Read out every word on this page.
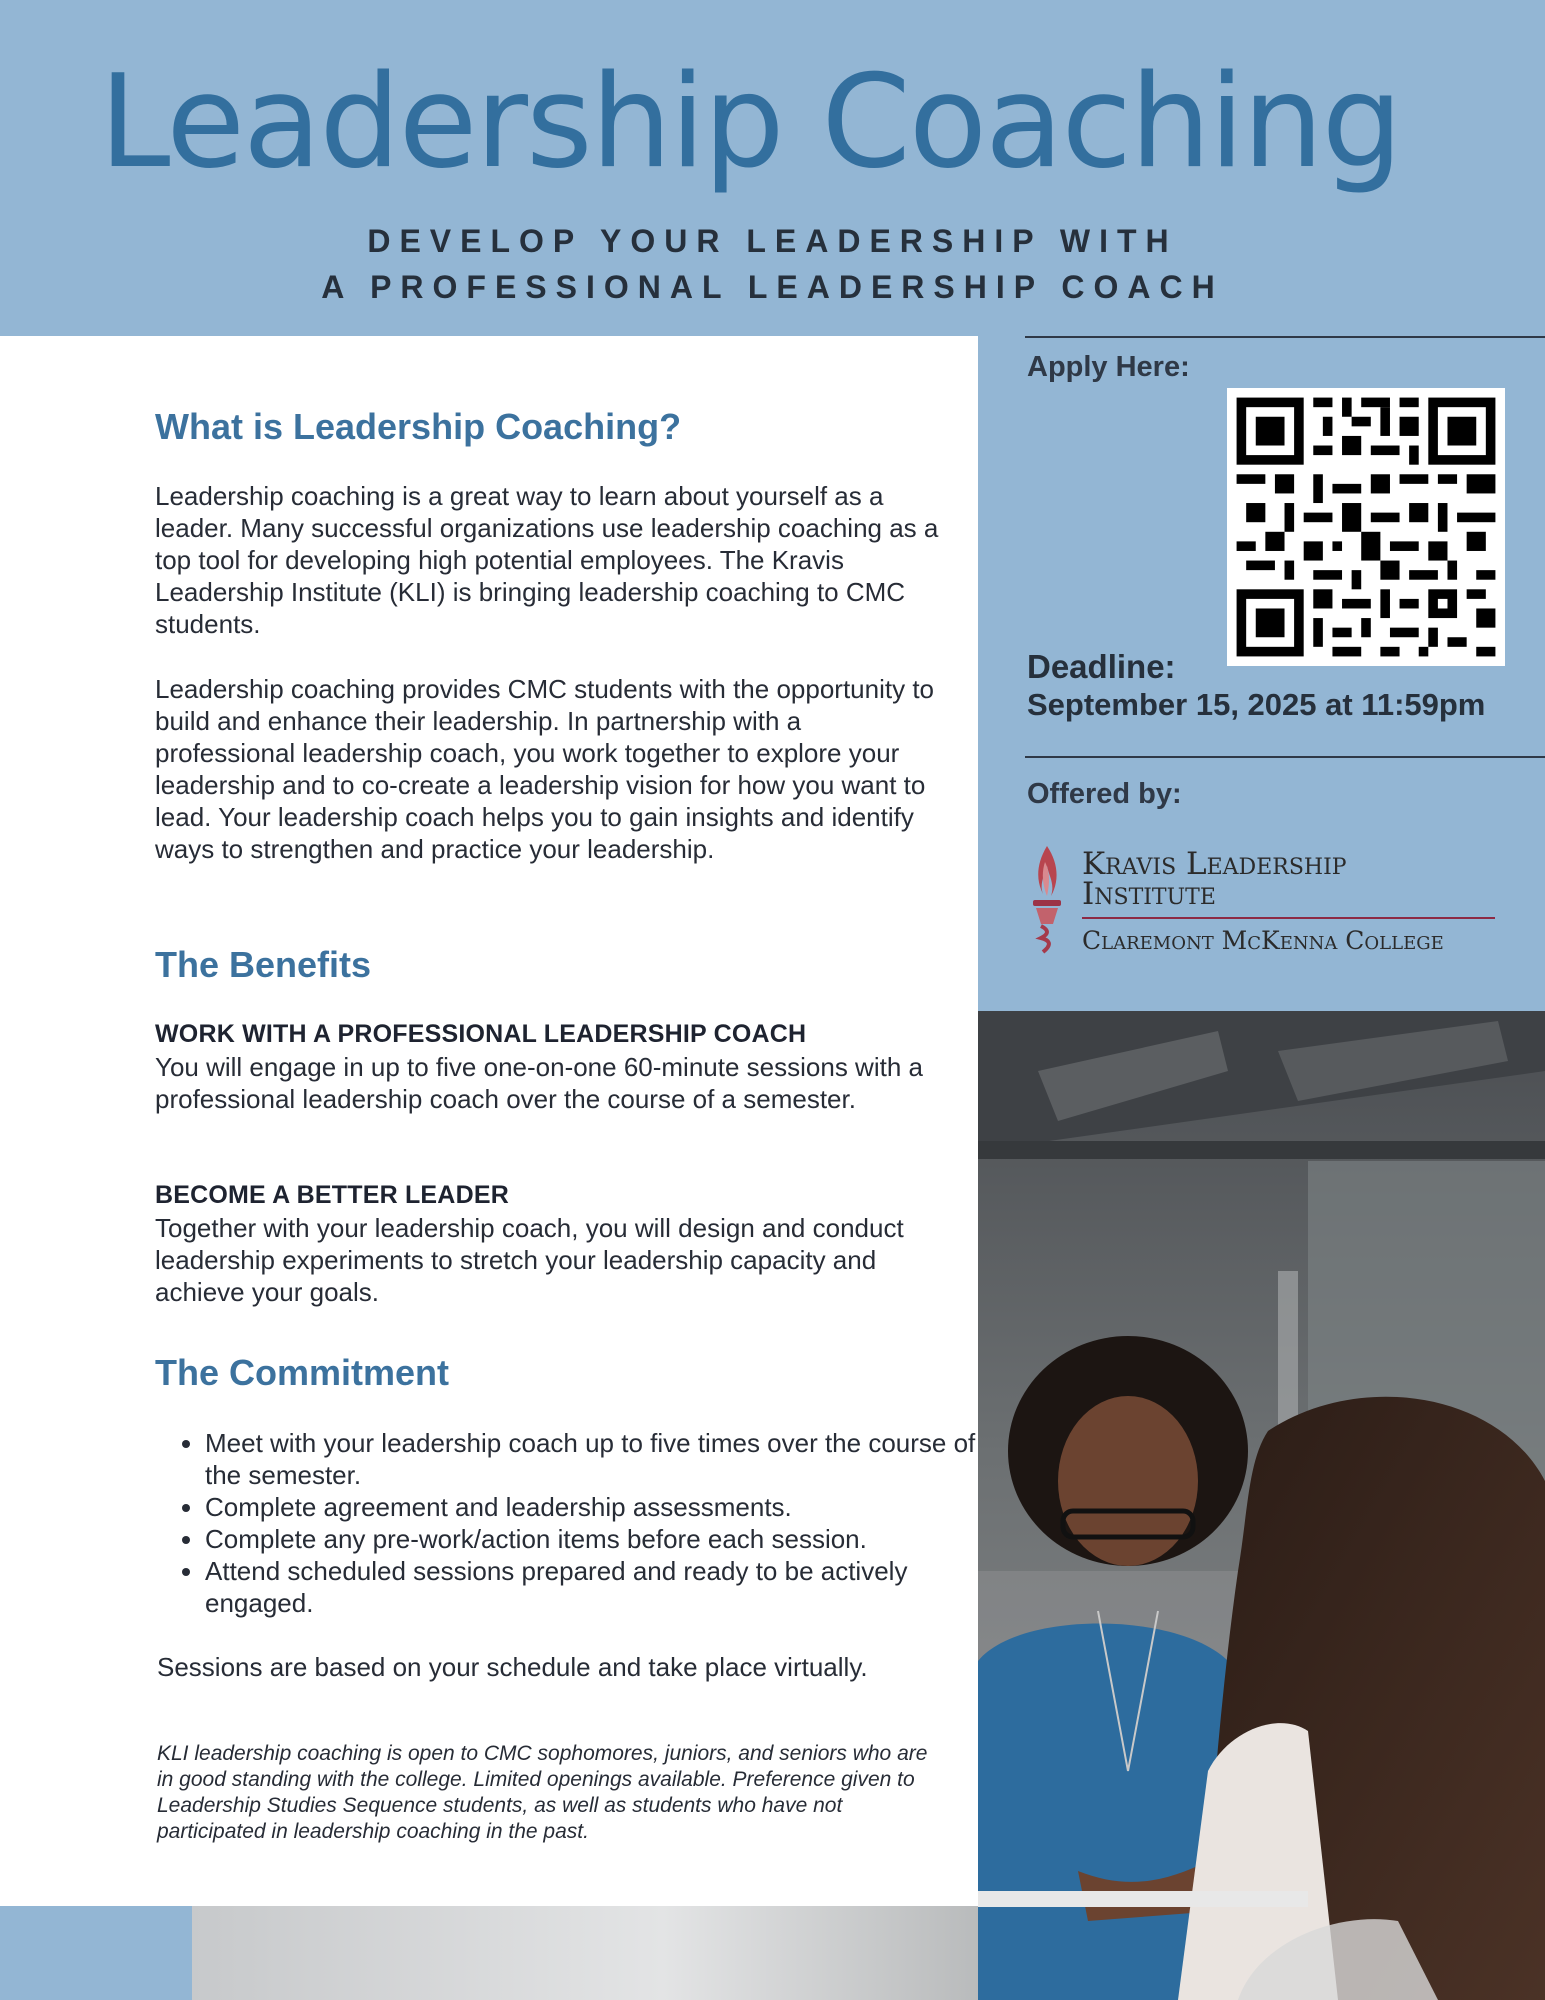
Leadership Coaching
DEVELOP YOUR LEADERSHIP WITH
A PROFESSIONAL LEADERSHIP COACH
What is Leadership Coaching?

Leadership coaching is a great way to learn about yourself as a leader. Many successful organizations use leadership coaching as a top tool for developing high potential employees. The Kravis Leadership Institute (KLI) is bringing leadership coaching to CMC students.

Leadership coaching provides CMC students with the opportunity to build and enhance their leadership. In partnership with a professional leadership coach, you work together to explore your leadership and to co-create a leadership vision for how you want to lead. Your leadership coach helps you to gain insights and identify ways to strengthen and practice your leadership.

The Benefits
WORK WITH A PROFESSIONAL LEADERSHIP COACH

You will engage in up to five one-on-one 60-minute sessions with a professional leadership coach over the course of a semester.

BECOME A BETTER LEADER

Together with your leadership coach, you will design and conduct leadership experiments to stretch your leadership capacity and achieve your goals.

The Commitment
• Meet with your leadership coach up to five times over the course of the semester.
• Complete agreement and leadership assessments.
• Complete any pre-work/action items before each session.
• Attend scheduled sessions prepared and ready to be actively engaged.

Sessions are based on your schedule and take place virtually.

KLI leadership coaching is open to CMC sophomores, juniors, and seniors who are in good standing with the college. Limited openings available. Preference given to Leadership Studies Sequence students, as well as students who have not participated in leadership coaching in the past.

Apply Here:
Deadline:
September 15, 2025 at 11:59pm
Offered by:
Kravis Leadership
Institute
Claremont McKenna College
